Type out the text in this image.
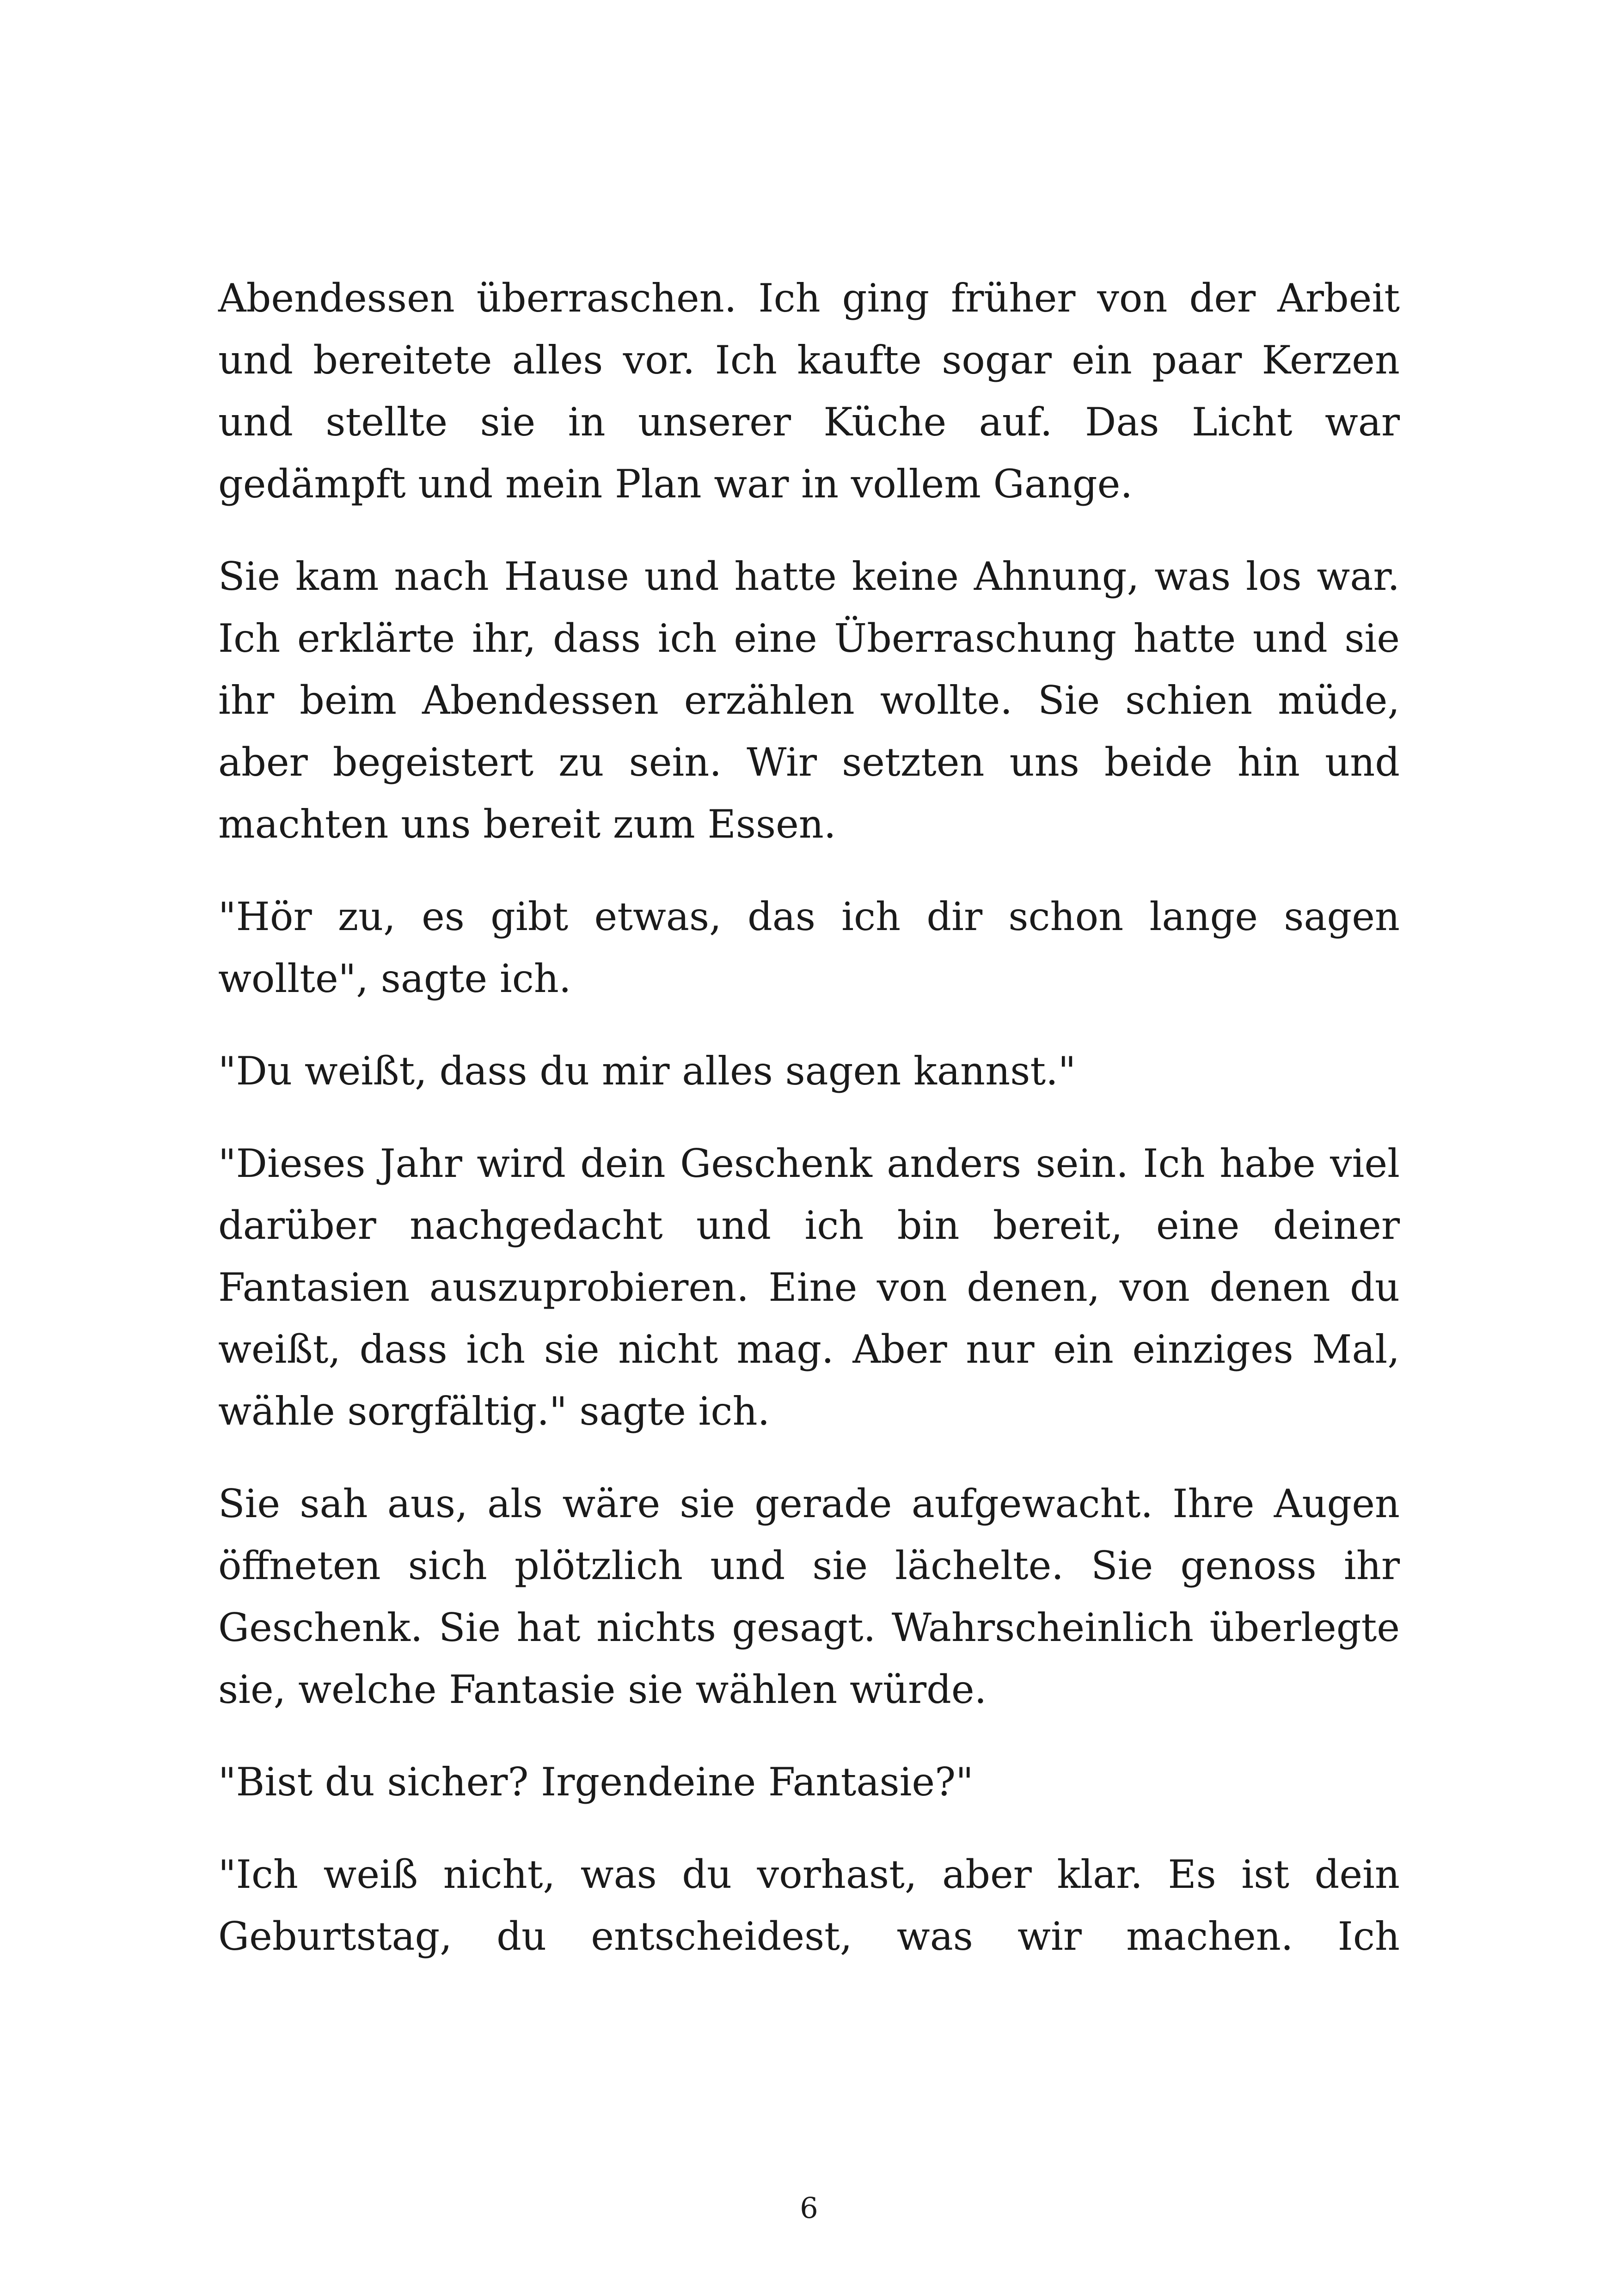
Abendessen überraschen. Ich ging früher von der Arbeit und bereitete alles vor. Ich kaufte sogar ein paar Kerzen und stellte sie in unserer Küche auf. Das Licht war gedämpft und mein Plan war in vollem Gange.

Sie kam nach Hause und hatte keine Ahnung, was los war. Ich erklärte ihr, dass ich eine Überraschung hatte und sie ihr beim Abendessen erzählen wollte. Sie schien müde, aber begeistert zu sein. Wir setzten uns beide hin und machten uns bereit zum Essen.

"Hör zu, es gibt etwas, das ich dir schon lange sagen wollte", sagte ich.

"Du weißt, dass du mir alles sagen kannst."

"Dieses Jahr wird dein Geschenk anders sein. Ich habe viel darüber nachgedacht und ich bin bereit, eine deiner Fantasien auszuprobieren. Eine von denen, von denen du weißt, dass ich sie nicht mag. Aber nur ein einziges Mal, wähle sorgfältig." sagte ich.

Sie sah aus, als wäre sie gerade aufgewacht. Ihre Augen öffneten sich plötzlich und sie lächelte. Sie genoss ihr Geschenk. Sie hat nichts gesagt. Wahrscheinlich überlegte sie, welche Fantasie sie wählen würde.

"Bist du sicher? Irgendeine Fantasie?"

"Ich weiß nicht, was du vorhast, aber klar. Es ist dein Geburtstag, du entscheidest, was wir machen. Ich

6
